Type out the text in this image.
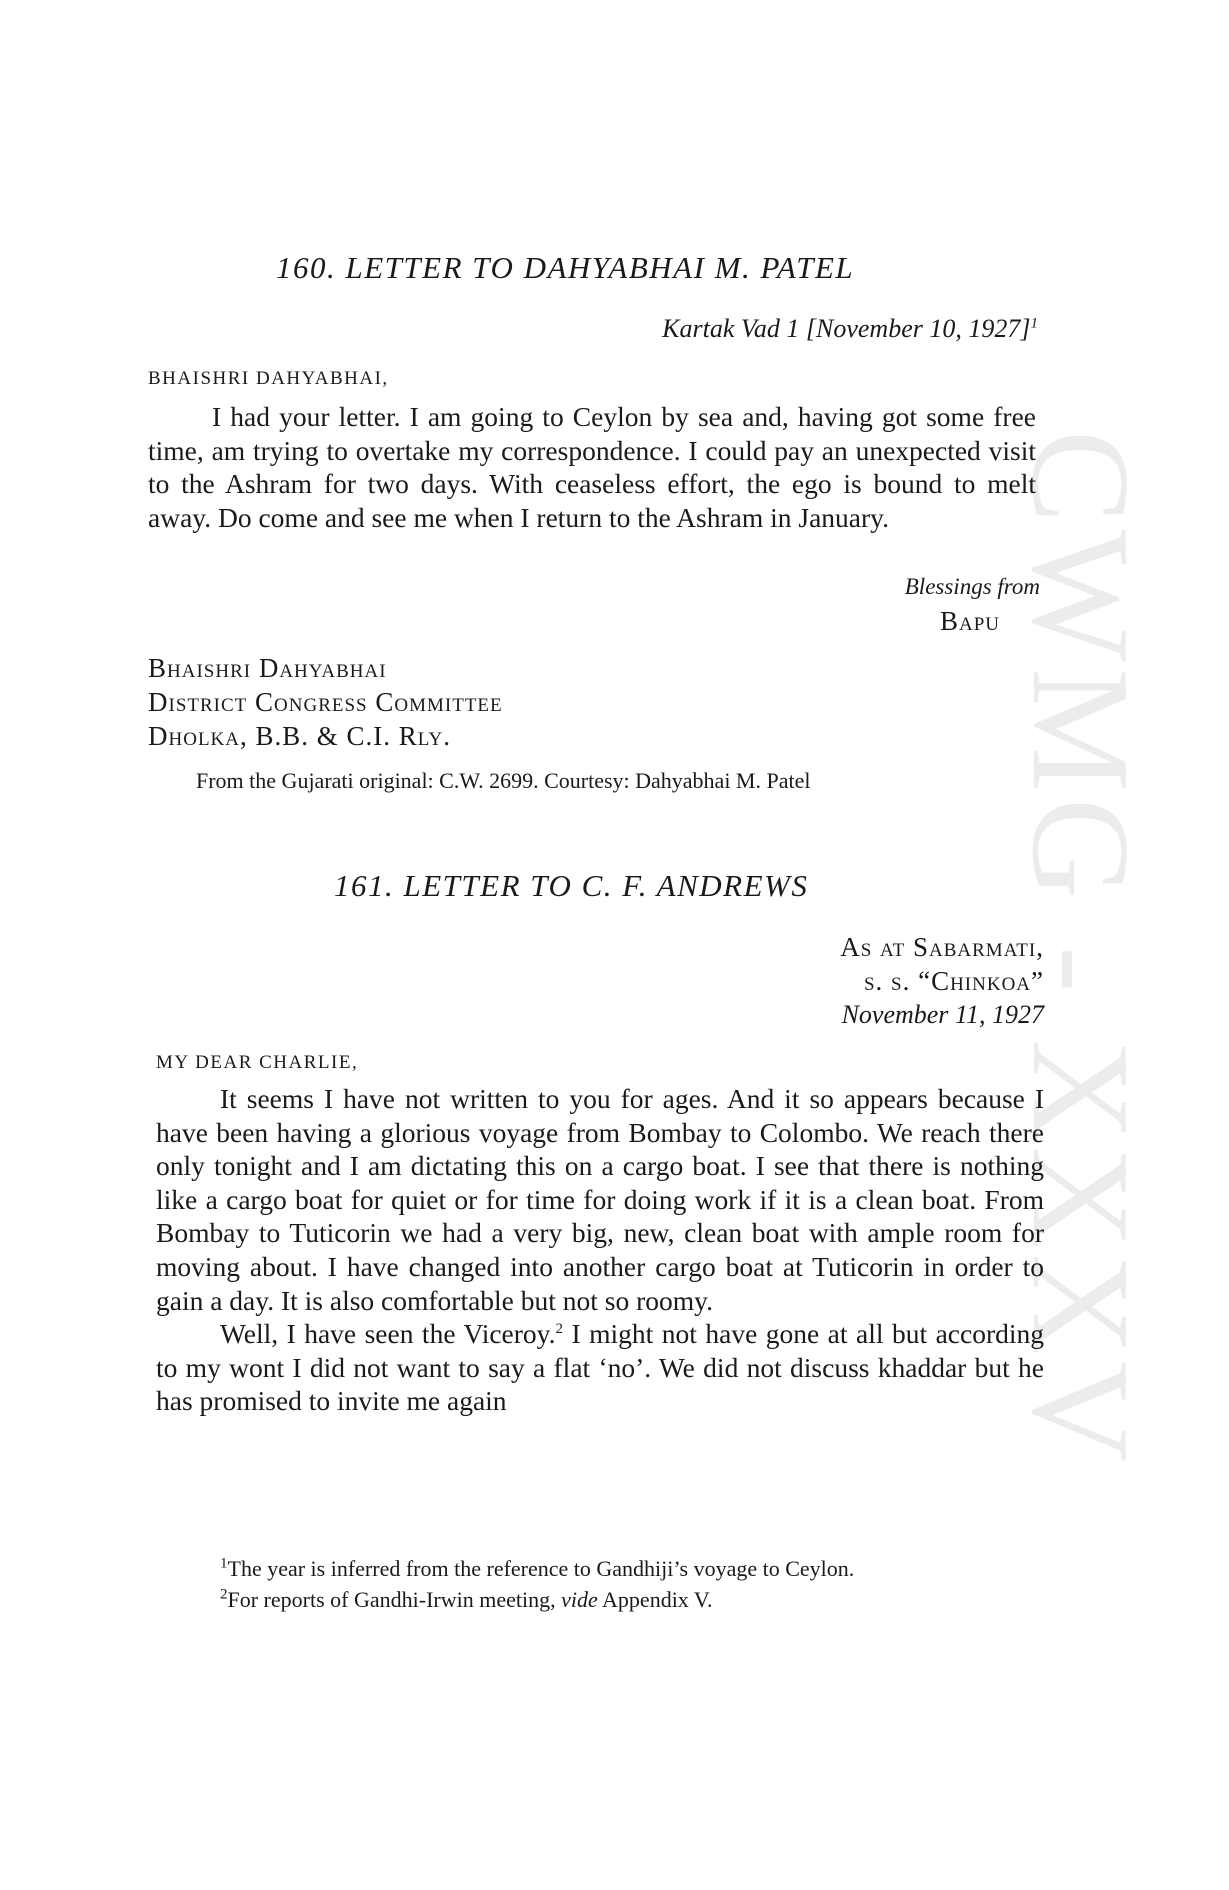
CWMG - XXXV
160. LETTER TO DAHYABHAI M. PATEL
Kartak Vad 1 [November 10, 1927]$^1$
BHAISHRI DAHYABHAI,

I had your letter. I am going to Ceylon by sea and, having got some free time, am trying to overtake my correspondence. I could pay an unexpected visit to the Ashram for two days. With ceaseless effort, the ego is bound to melt away. Do come and see me when I return to the Ashram in January.

Blessings from
Bapu
Bhaishri Dahyabhai
District Congress Committee
Dholka, B.B. & C.I. Rly.
From the Gujarati original: C.W. 2699. Courtesy: Dahyabhai M. Patel
161. LETTER TO C. F. ANDREWS
As at Sabarmati,
s. s. “Chinkoa”
November 11, 1927
MY DEAR CHARLIE,

It seems I have not written to you for ages. And it so appears because I have been having a glorious voyage from Bombay to Colombo. We reach there only tonight and I am dictating this on a cargo boat. I see that there is nothing like a cargo boat for quiet or for time for doing work if it is a clean boat. From Bombay to Tuticorin we had a very big, new, clean boat with ample room for moving about. I have changed into another cargo boat at Tuticorin in order to gain a day. It is also comfortable but not so roomy.

Well, I have seen the Viceroy.$^2$ I might not have gone at all but according to my wont I did not want to say a flat ‘no’. We did not discuss khaddar but he has promised to invite me again

$^1$The year is inferred from the reference to Gandhiji’s voyage to Ceylon.
$^2$For reports of Gandhi-Irwin meeting, vide Appendix V.
